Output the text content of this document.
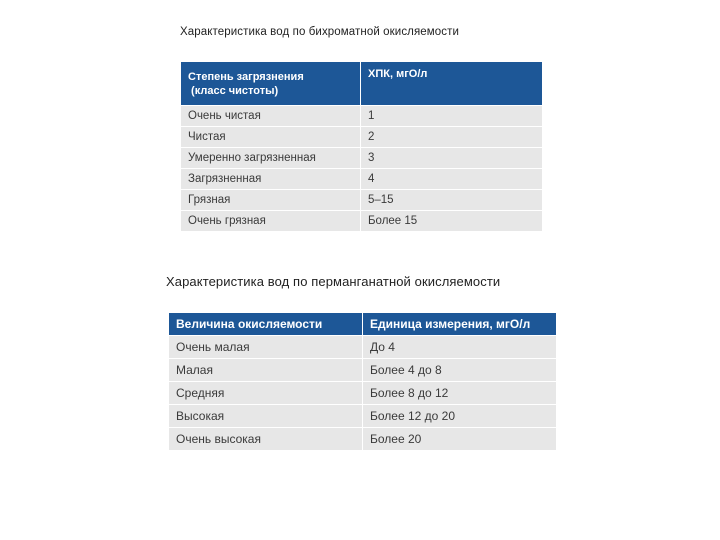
Характеристика вод по бихроматной окисляемости
Степень загрязнения
(класс чистоты)	ХПК, мгО/л
Очень чистая	1
Чистая	2
Умеренно загрязненная	3
Загрязненная	4
Грязная	5–15
Очень грязная	Более 15
Характеристика вод по перманганатной окисляемости
Величина окисляемости	Единица измерения, мгО/л
Очень малая	До 4
Малая	Более 4 до 8
Средняя	Более 8 до 12
Высокая	Более 12 до 20
Очень высокая	Более 20
